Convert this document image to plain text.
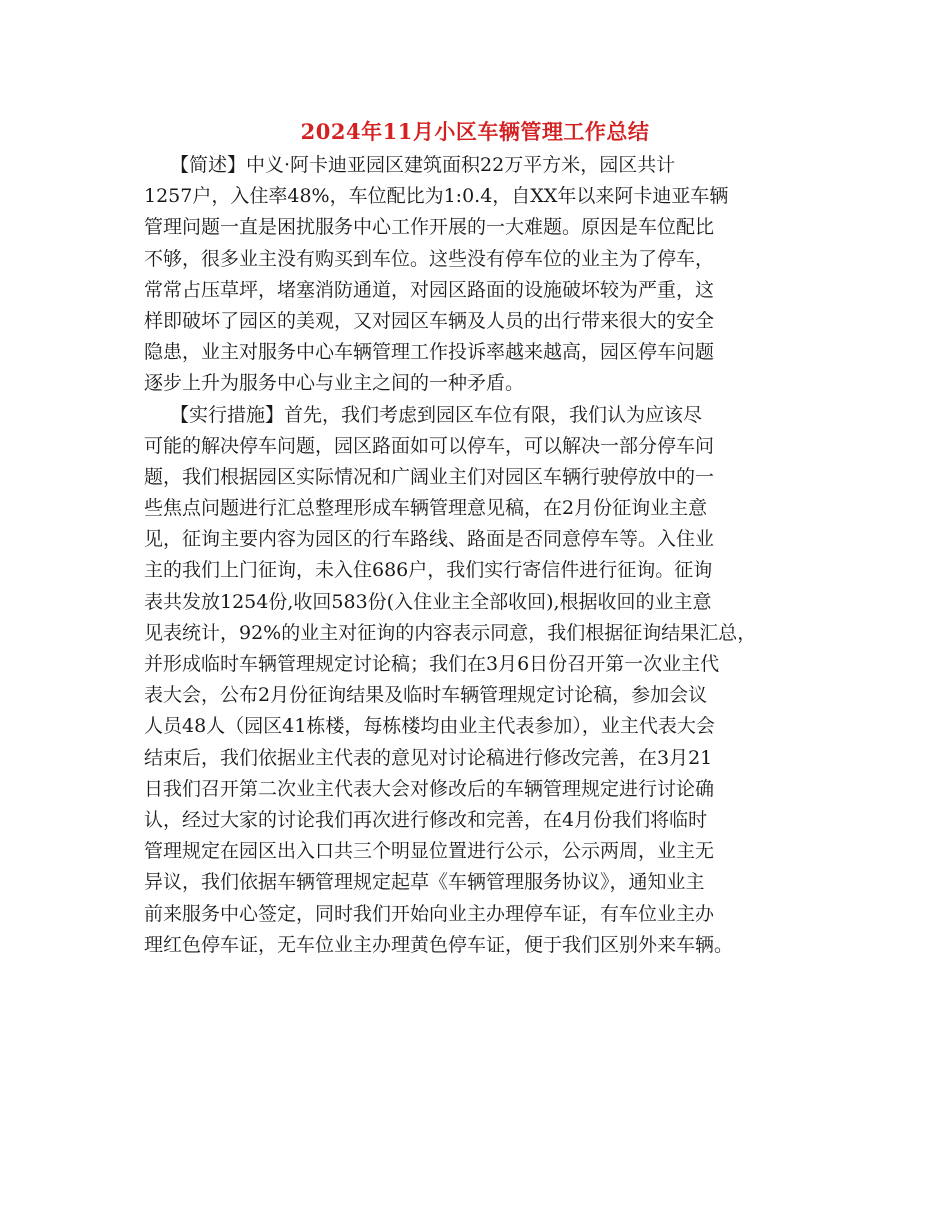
2024年11月小区车辆管理工作总结
【简述】中义·阿卡迪亚园区建筑面积22万平方米，园区共计
1257户，入住率48%，车位配比为1:0.4，自XX年以来阿卡迪亚车辆
管理问题一直是困扰服务中心工作开展的一大难题。原因是车位配比
不够，很多业主没有购买到车位。这些没有停车位的业主为了停车，
常常占压草坪，堵塞消防通道，对园区路面的设施破坏较为严重，这
样即破坏了园区的美观，又对园区车辆及人员的出行带来很大的安全
隐患，业主对服务中心车辆管理工作投诉率越来越高，园区停车问题
逐步上升为服务中心与业主之间的一种矛盾。
【实行措施】首先，我们考虑到园区车位有限，我们认为应该尽
可能的解决停车问题，园区路面如可以停车，可以解决一部分停车问
题，我们根据园区实际情况和广阔业主们对园区车辆行驶停放中的一
些焦点问题进行汇总整理形成车辆管理意见稿，在2月份征询业主意
见，征询主要内容为园区的行车路线、路面是否同意停车等。入住业
主的我们上门征询，未入住686户，我们实行寄信件进行征询。征询
表共发放1254份,收回583份(入住业主全部收回),根据收回的业主意
见表统计，92%的业主对征询的内容表示同意，我们根据征询结果汇总，
并形成临时车辆管理规定讨论稿；我们在3月6日份召开第一次业主代
表大会，公布2月份征询结果及临时车辆管理规定讨论稿，参加会议
人员48人（园区41栋楼，每栋楼均由业主代表参加），业主代表大会
结束后，我们依据业主代表的意见对讨论稿进行修改完善，在3月21
日我们召开第二次业主代表大会对修改后的车辆管理规定进行讨论确
认，经过大家的讨论我们再次进行修改和完善，在4月份我们将临时
管理规定在园区出入口共三个明显位置进行公示，公示两周，业主无
异议，我们依据车辆管理规定起草《车辆管理服务协议》，通知业主
前来服务中心签定，同时我们开始向业主办理停车证，有车位业主办
理红色停车证，无车位业主办理黄色停车证，便于我们区别外来车辆。
